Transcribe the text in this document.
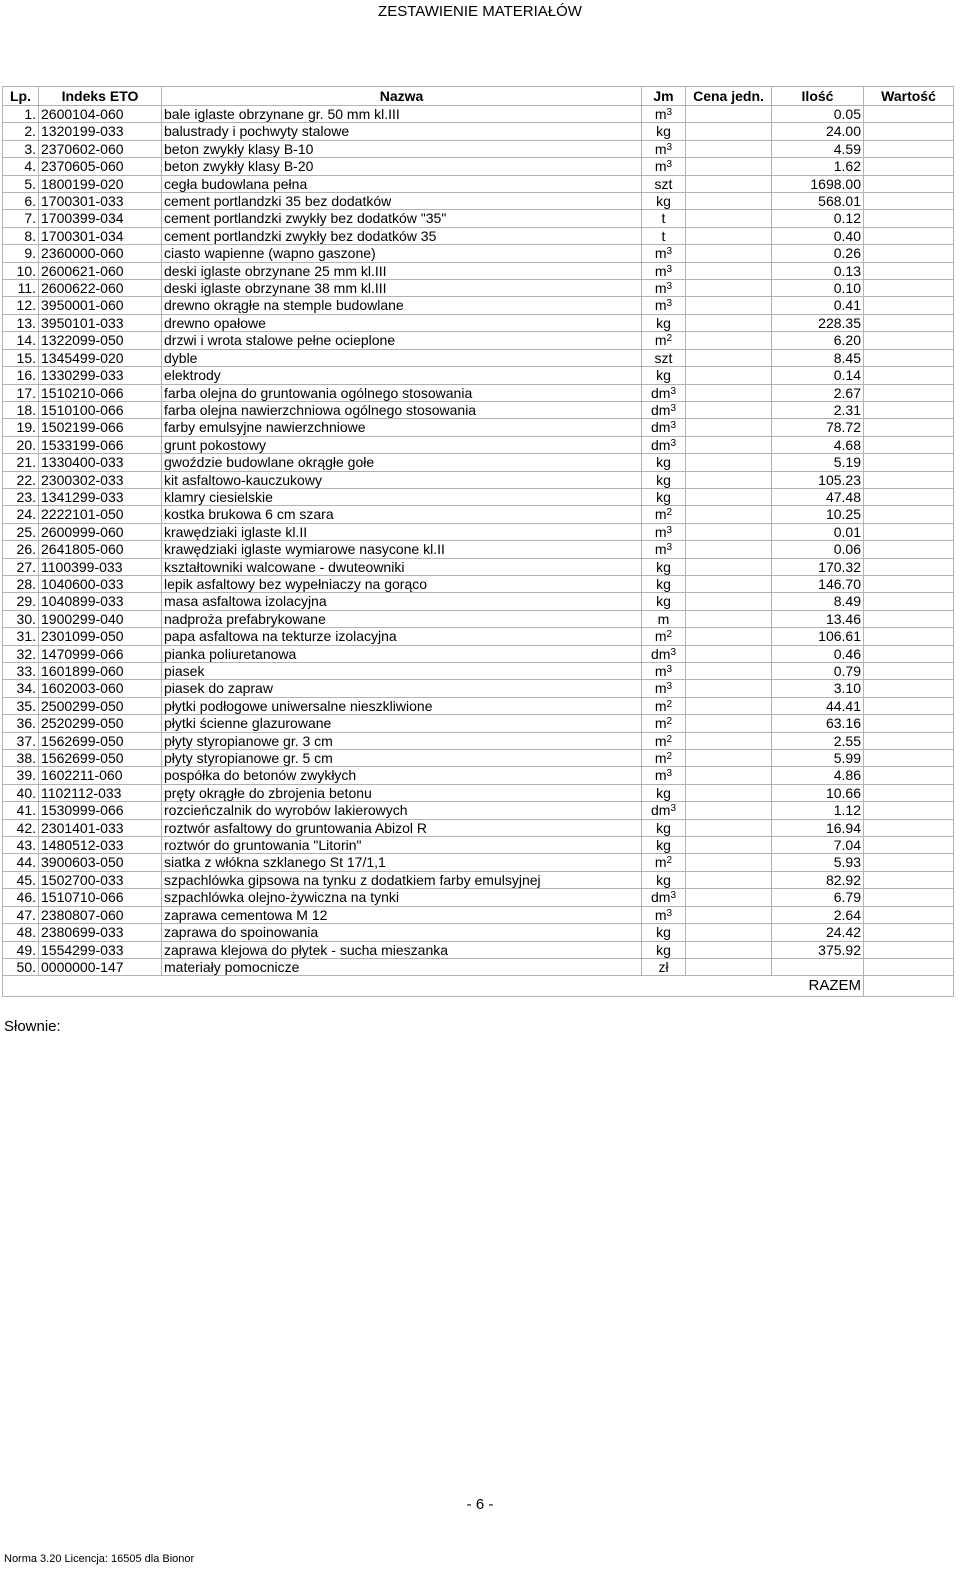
ZESTAWIENIE MATERIAŁÓW
Lp.	Indeks ETO	Nazwa	Jm	Cena jedn.	Ilość	Wartość
1.	2600104-060	bale iglaste obrzynane gr. 50 mm kl.III	$m^3$		0.05	
2.	1320199-033	balustrady i pochwyty stalowe	kg		24.00	
3.	2370602-060	beton zwykły klasy B-10	$m^3$		4.59	
4.	2370605-060	beton zwykły klasy B-20	$m^3$		1.62	
5.	1800199-020	cegła budowlana pełna	szt		1698.00	
6.	1700301-033	cement portlandzki 35 bez dodatków	kg		568.01	
7.	1700399-034	cement portlandzki zwykły bez dodatków "35"	t		0.12	
8.	1700301-034	cement portlandzki zwykły bez dodatków 35	t		0.40	
9.	2360000-060	ciasto wapienne (wapno gaszone)	$m^3$		0.26	
10.	2600621-060	deski iglaste obrzynane 25 mm kl.III	$m^3$		0.13	
11.	2600622-060	deski iglaste obrzynane 38 mm kl.III	$m^3$		0.10	
12.	3950001-060	drewno okrągłe na stemple budowlane	$m^3$		0.41	
13.	3950101-033	drewno opałowe	kg		228.35	
14.	1322099-050	drzwi i wrota stalowe pełne ocieplone	$m^2$		6.20	
15.	1345499-020	dyble	szt		8.45	
16.	1330299-033	elektrody	kg		0.14	
17.	1510210-066	farba olejna do gruntowania ogólnego stosowania	$dm^3$		2.67	
18.	1510100-066	farba olejna nawierzchniowa ogólnego stosowania	$dm^3$		2.31	
19.	1502199-066	farby emulsyjne nawierzchniowe	$dm^3$		78.72	
20.	1533199-066	grunt pokostowy	$dm^3$		4.68	
21.	1330400-033	gwoździe budowlane okrągłe gołe	kg		5.19	
22.	2300302-033	kit asfaltowo-kauczukowy	kg		105.23	
23.	1341299-033	klamry ciesielskie	kg		47.48	
24.	2222101-050	kostka brukowa 6 cm szara	$m^2$		10.25	
25.	2600999-060	krawędziaki iglaste kl.II	$m^3$		0.01	
26.	2641805-060	krawędziaki iglaste wymiarowe nasycone kl.II	$m^3$		0.06	
27.	1100399-033	kształtowniki walcowane - dwuteowniki	kg		170.32	
28.	1040600-033	lepik asfaltowy bez wypełniaczy na gorąco	kg		146.70	
29.	1040899-033	masa asfaltowa izolacyjna	kg		8.49	
30.	1900299-040	nadproża prefabrykowane	m		13.46	
31.	2301099-050	papa asfaltowa na tekturze izolacyjna	$m^2$		106.61	
32.	1470999-066	pianka poliuretanowa	$dm^3$		0.46	
33.	1601899-060	piasek	$m^3$		0.79	
34.	1602003-060	piasek do zapraw	$m^3$		3.10	
35.	2500299-050	płytki podłogowe uniwersalne nieszkliwione	$m^2$		44.41	
36.	2520299-050	płytki ścienne glazurowane	$m^2$		63.16	
37.	1562699-050	płyty styropianowe gr. 3 cm	$m^2$		2.55	
38.	1562699-050	płyty styropianowe gr. 5 cm	$m^2$		5.99	
39.	1602211-060	pospółka do betonów zwykłych	$m^3$		4.86	
40.	1102112-033	pręty okrągłe do zbrojenia betonu	kg		10.66	
41.	1530999-066	rozcieńczalnik do wyrobów lakierowych	$dm^3$		1.12	
42.	2301401-033	roztwór asfaltowy do gruntowania Abizol R	kg		16.94	
43.	1480512-033	roztwór do gruntowania "Litorin"	kg		7.04	
44.	3900603-050	siatka z włókna szklanego St 17/1,1	$m^2$		5.93	
45.	1502700-033	szpachlówka gipsowa na tynku z dodatkiem farby emulsyjnej	kg		82.92	
46.	1510710-066	szpachlówka olejno-żywiczna na tynki	$dm^3$		6.79	
47.	2380807-060	zaprawa cementowa M 12	$m^3$		2.64	
48.	2380699-033	zaprawa do spoinowania	kg		24.42	
49.	1554299-033	zaprawa klejowa do płytek - sucha mieszanka	kg		375.92	
50.	0000000-147	materiały pomocnicze	zł			
					RAZEM	
Słownie:
- 6 -
Norma 3.20 Licencja: 16505 dla Bionor
